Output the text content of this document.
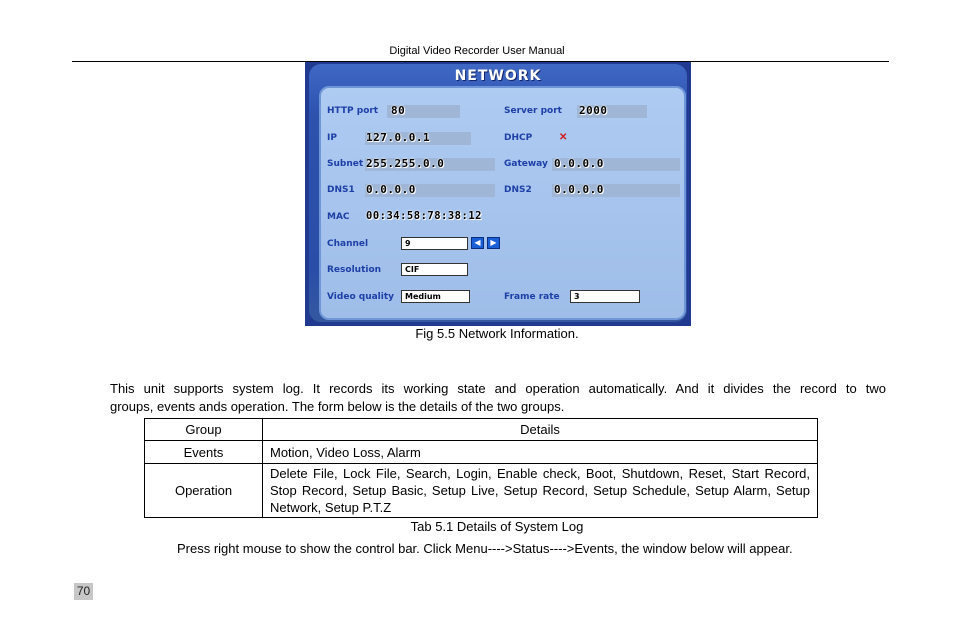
Digital Video Recorder User Manual
NETWORK
HTTP port 80	Server port 2000
IP	127.0.0.1	DHCP	✕
Subnet 255.255.0.0	Gateway 0.0.0.0
DNS1 0.0.0.0	DNS2 0.0.0.0
MAC 00:34:58:78:38:12
Channel	9	◀	▶
Resolution	CIF
Video quality	Medium	Frame rate	3
Fig 5.5 Network Information.
This unit supports system log. It records its working state and operation automatically. And it divides the record to two
groups, events ands operation. The form below is the details of the two groups.
Group	Details
Events	Motion, Video Loss, Alarm
Operation	Delete File, Lock File, Search, Login, Enable check, Boot, Shutdown, Reset, Start Record, Stop Record, Setup Basic, Setup Live, Setup Record, Setup Schedule, Setup Alarm, Setup Network, Setup P.T.Z
Tab 5.1 Details of System Log
Press right mouse to show the control bar. Click Menu---->Status---->Events, the window below will appear.
70
